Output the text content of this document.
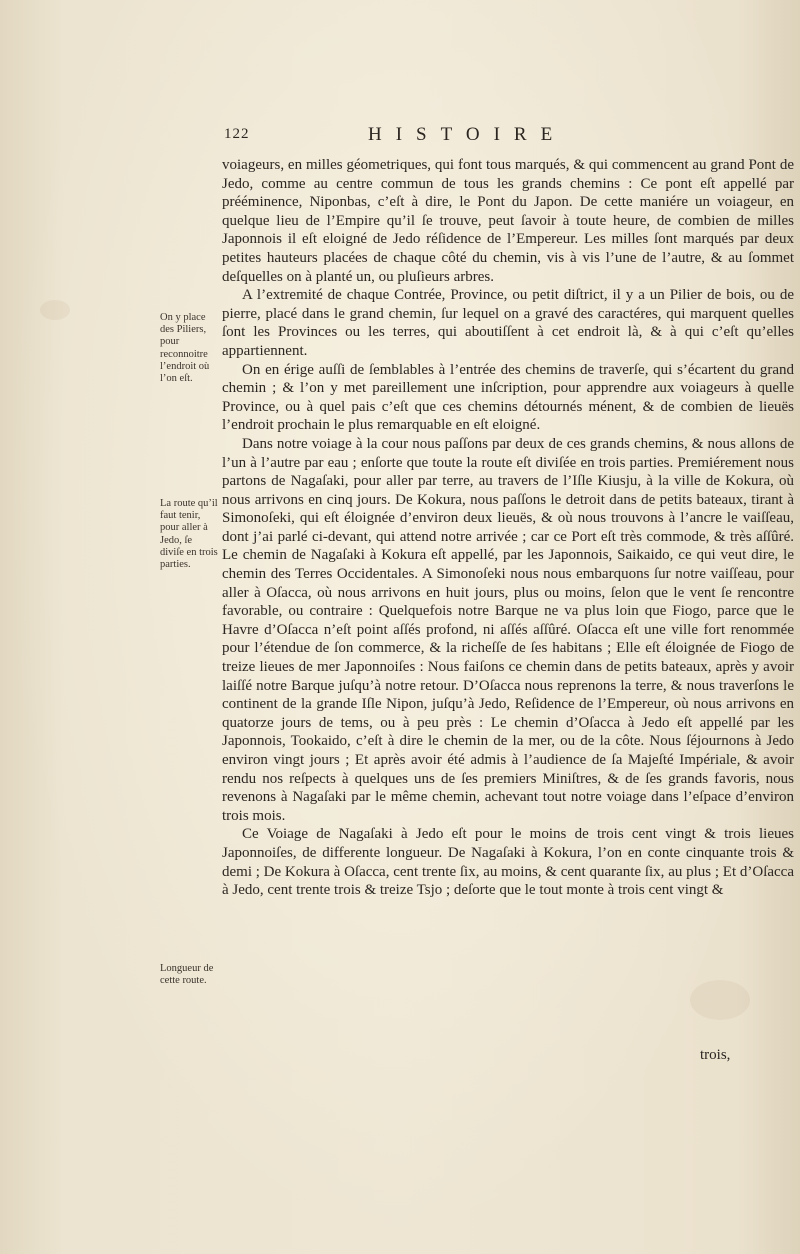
122	HISTOIRE

voiageurs, en milles géometriques, qui font tous marqués, & qui commencent au grand Pont de Jedo, comme au centre commun de tous les grands chemins : Ce pont eſt appellé par prééminence, Niponbas, c’eſt à dire, le Pont du Japon. De cette maniére un voiageur, en quelque lieu de l’Empire qu’il ſe trouve, peut ſavoir à toute heure, de combien de milles Japonnois il eſt eloigné de Jedo réſidence de l’Empereur. Les milles ſont marqués par deux petites hauteurs placées de chaque côté du chemin, vis à vis l’une de l’autre, & au ſommet deſquelles on à planté un, ou pluſieurs arbres.

A l’extremité de chaque Contrée, Province, ou petit diſtrict, il y a un Pilier de bois, ou de pierre, placé dans le grand chemin, ſur lequel on a gravé des caractéres, qui marquent quelles ſont les Provinces ou les terres, qui aboutiſſent à cet endroit là, & à qui c’eſt qu’elles appartiennent.

On en érige auſſi de ſemblables à l’entrée des chemins de traverſe, qui s’écartent du grand chemin ; & l’on y met pareillement une inſcription, pour apprendre aux voiageurs à quelle Province, ou à quel pais c’eſt que ces chemins détournés ménent, & de combien de lieuës l’endroit prochain le plus remarquable en eſt eloigné.

Dans notre voiage à la cour nous paſſons par deux de ces grands chemins, & nous allons de l’un à l’autre par eau ; enſorte que toute la route eſt diviſée en trois parties. Premiérement nous partons de Nagaſaki, pour aller par terre, au travers de l’Iſle Kiusju, à la ville de Kokura, où nous arrivons en cinq jours. De Kokura, nous paſſons le detroit dans de petits bateaux, tirant à Simonoſeki, qui eſt éloignée d’environ deux lieuës, & où nous trouvons à l’ancre le vaiſſeau, dont j’ai parlé ci-devant, qui attend notre arrivée ; car ce Port eſt très commode, & très aſſûré. Le chemin de Nagaſaki à Kokura eſt appellé, par les Japonnois, Saikaido, ce qui veut dire, le chemin des Terres Occidentales. A Simonoſeki nous nous embarquons ſur notre vaiſſeau, pour aller à Oſacca, où nous arrivons en huit jours, plus ou moins, ſelon que le vent ſe rencontre favorable, ou contraire : Quelquefois notre Barque ne va plus loin que Fiogo, parce que le Havre d’Oſacca n’eſt point aſſés profond, ni aſſés aſſûré. Oſacca eſt une ville fort renommée pour l’étendue de ſon commerce, & la richeſſe de ſes habitans ; Elle eſt éloignée de Fiogo de treize lieues de mer Japonnoiſes : Nous faiſons ce chemin dans de petits bateaux, après y avoir laiſſé notre Barque juſqu’à notre retour. D’Oſacca nous reprenons la terre, & nous traverſons le continent de la grande Iſle Nipon, juſqu’à Jedo, Reſidence de l’Empereur, où nous arrivons en quatorze jours de tems, ou à peu près : Le chemin d’Oſacca à Jedo eſt appellé par les Japonnois, Tookaido, c’eſt à dire le chemin de la mer, ou de la côte. Nous ſéjournons à Jedo environ vingt jours ; Et après avoir été admis à l’audience de ſa Majeſté Impériale, & avoir rendu nos reſpects à quelques uns de ſes premiers Miniſtres, & de ſes grands favoris, nous revenons à Nagaſaki par le même chemin, achevant tout notre voiage dans l’eſpace d’environ trois mois.

Ce Voiage de Nagaſaki à Jedo eſt pour le moins de trois cent vingt & trois lieues Japonnoiſes, de differente longueur. De Nagaſaki à Kokura, l’on en conte cinquante trois & demi ; De Kokura à Oſacca, cent trente ſix, au moins, & cent quarante ſix, au plus ; Et d’Oſacca à Jedo, cent trente trois & treize Tsjo ; deſorte que le tout monte à trois cent vingt &

On y place des Piliers, pour reconnoitre l’endroit où l’on eſt.
La route qu’il faut tenir, pour aller à Jedo, ſe diviſe en trois parties.
Longueur de cette route.
trois,
